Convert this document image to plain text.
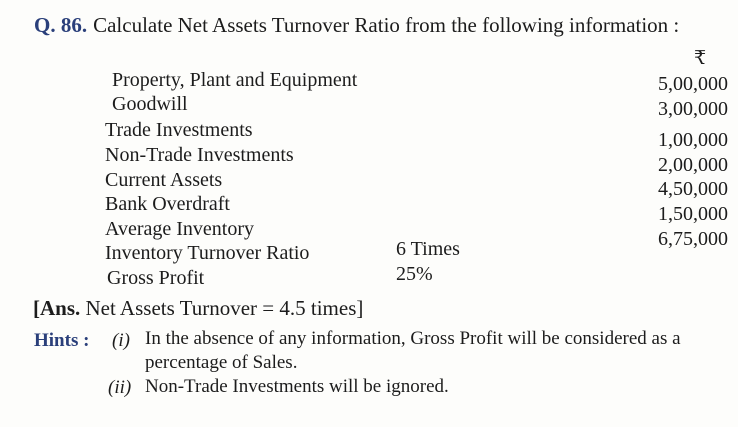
Q. 86. Calculate Net Assets Turnover Ratio from the following information :
₹
Property, Plant and Equipment
Goodwill
Trade Investments
Non-Trade Investments
Current Assets
Bank Overdraft
Average Inventory
Inventory Turnover Ratio
Gross Profit
5,00,000
3,00,000
1,00,000
2,00,000
4,50,000
1,50,000
6,75,000
6 Times
25%
[Ans. Net Assets Turnover = 4.5 times]
Hints : (i) In the absence of any information, Gross Profit will be considered as a
percentage of Sales.
(ii) Non-Trade Investments will be ignored.
